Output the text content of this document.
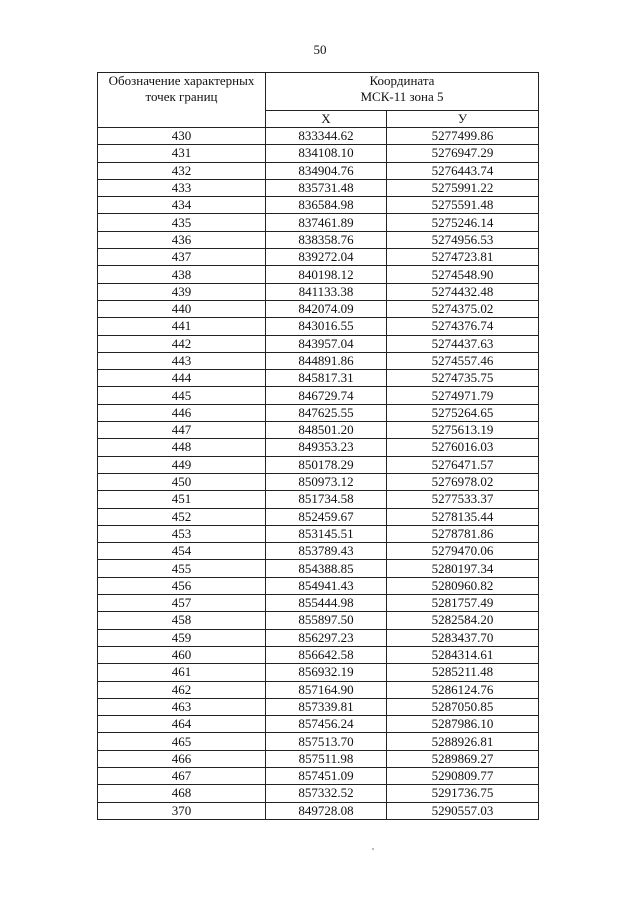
50
Обозначение характерных точек границ	Координата
МСК-11 зона 5	

	X	У
430	833344.62	5277499.86
431	834108.10	5276947.29
432	834904.76	5276443.74
433	835731.48	5275991.22
434	836584.98	5275591.48
435	837461.89	5275246.14
436	838358.76	5274956.53
437	839272.04	5274723.81
438	840198.12	5274548.90
439	841133.38	5274432.48
440	842074.09	5274375.02
441	843016.55	5274376.74
442	843957.04	5274437.63
443	844891.86	5274557.46
444	845817.31	5274735.75
445	846729.74	5274971.79
446	847625.55	5275264.65
447	848501.20	5275613.19
448	849353.23	5276016.03
449	850178.29	5276471.57
450	850973.12	5276978.02
451	851734.58	5277533.37
452	852459.67	5278135.44
453	853145.51	5278781.86
454	853789.43	5279470.06
455	854388.85	5280197.34
456	854941.43	5280960.82
457	855444.98	5281757.49
458	855897.50	5282584.20
459	856297.23	5283437.70
460	856642.58	5284314.61
461	856932.19	5285211.48
462	857164.90	5286124.76
463	857339.81	5287050.85
464	857456.24	5287986.10
465	857513.70	5288926.81
466	857511.98	5289869.27
467	857451.09	5290809.77
468	857332.52	5291736.75
370	849728.08	5290557.03
